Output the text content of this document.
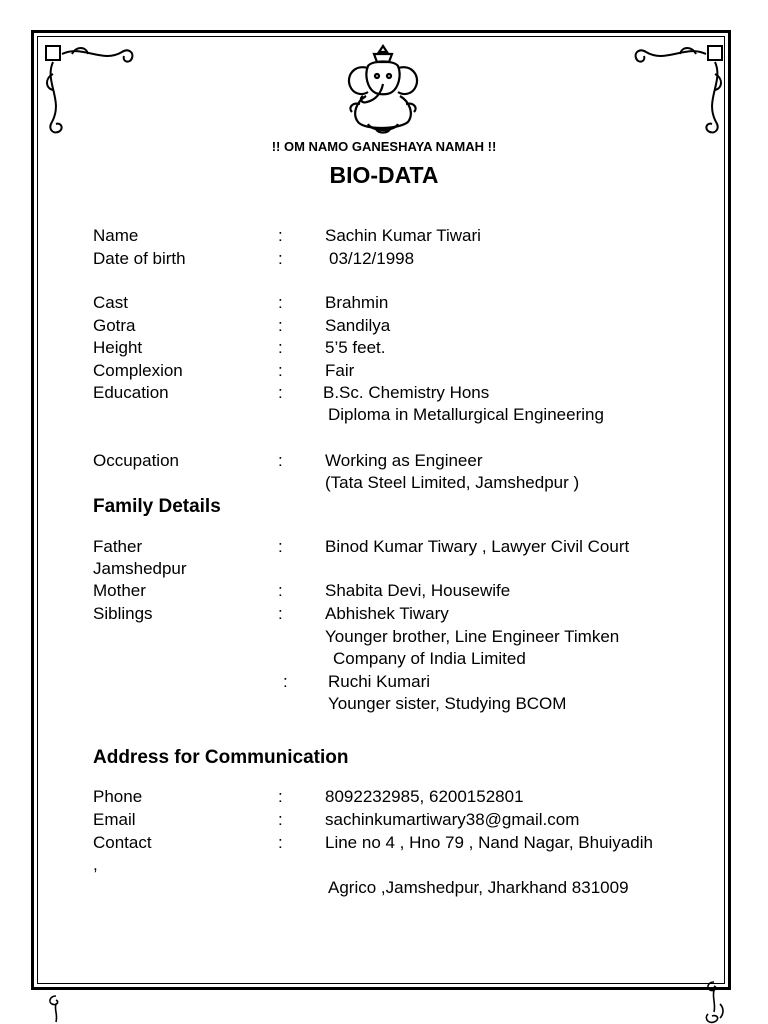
!! OM NAMO GANESHAYA NAMAH !!
BIO-DATA
Name	: Sachin Kumar Tiwari
Date of birth	:	03/12/1998
Cast	: Brahmin
Gotra	: Sandilya
Height	: 5’5 feet.
Complexion	: Fair
Education	: B.Sc. Chemistry Hons
Diploma in Metallurgical Engineering
Occupation	: Working as Engineer
(Tata Steel Limited, Jamshedpur )
Family Details
Father	: Binod Kumar Tiwary , Lawyer Civil Court
Jamshedpur
Mother	: Shabita Devi, Housewife
Siblings	: Abhishek Tiwary
Younger brother, Line Engineer Timken
Company of India Limited
: Ruchi Kumari
Younger sister, Studying BCOM
Address for Communication
Phone	: 8092232985, 6200152801
Email	: sachinkumartiwary38@gmail.com
Contact	: Line no 4 , Hno 79 , Nand Nagar, Bhuiyadih
,
Agrico ,Jamshedpur, Jharkhand 831009
